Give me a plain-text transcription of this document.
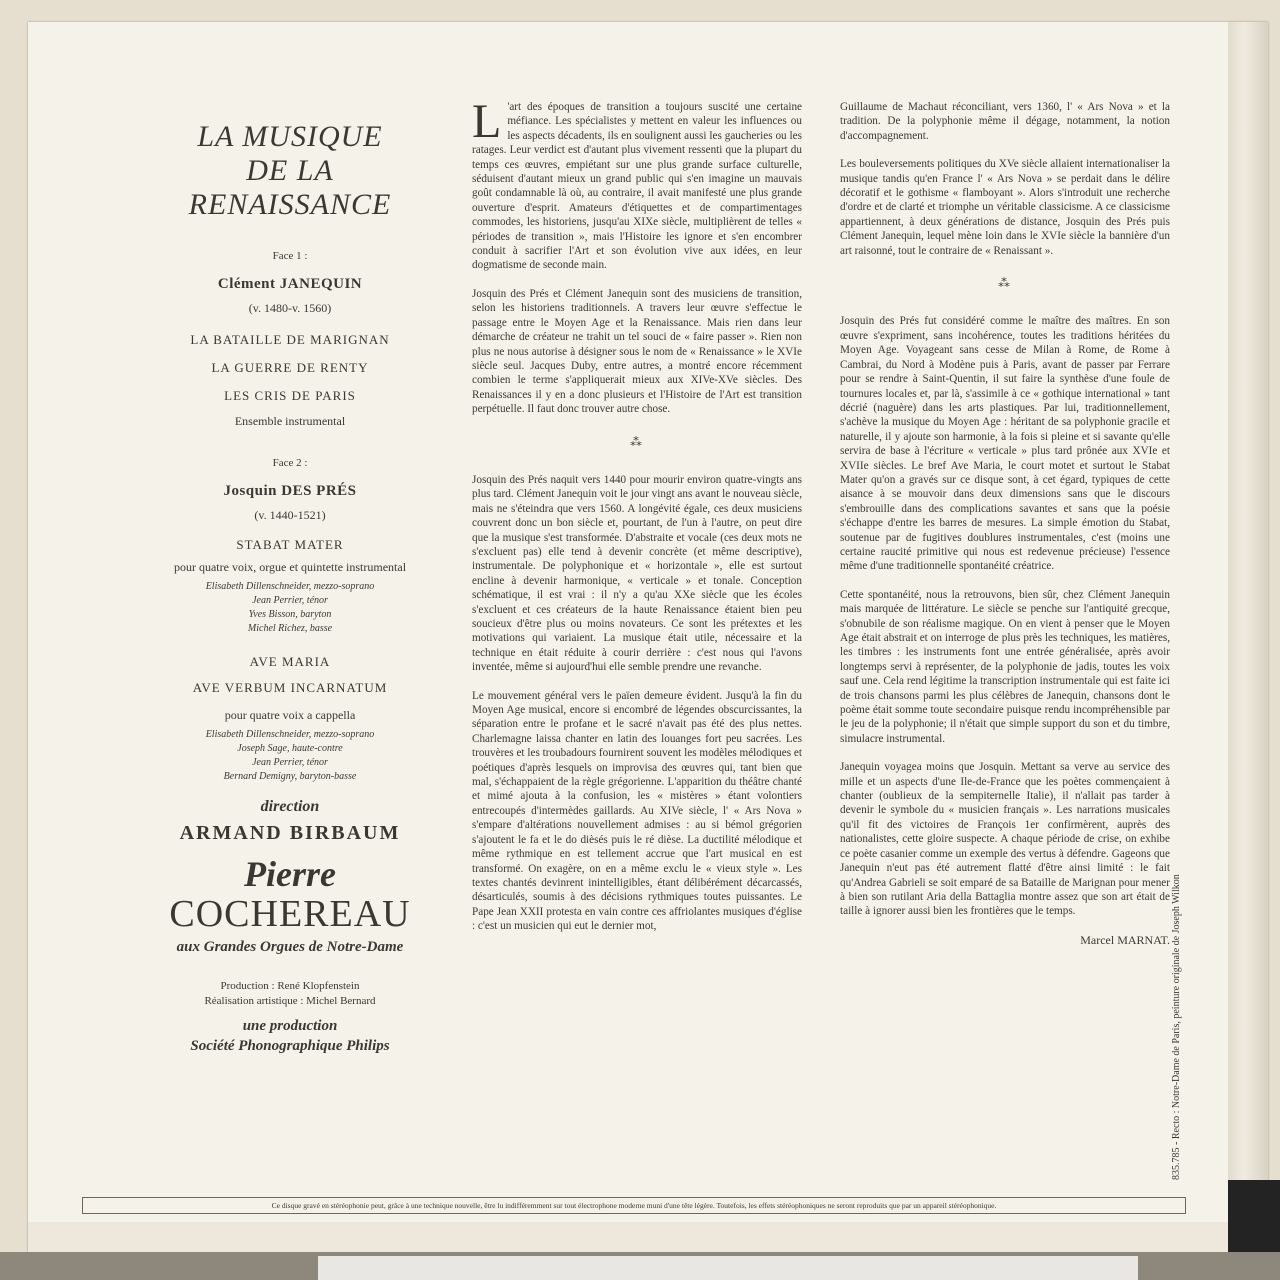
LA MUSIQUE
DE LA
RENAISSANCE

Face 1 :
Clément JANEQUIN
(v. 1480-v. 1560)
LA BATAILLE DE MARIGNAN
LA GUERRE DE RENTY
LES CRIS DE PARIS
Ensemble instrumental
Face 2 :
Josquin DES PRÉS
(v. 1440-1521)
STABAT MATER
pour quatre voix, orgue et quintette instrumental
Elisabeth Dillenschneider, mezzo-soprano
Jean Perrier, ténor
Yves Bisson, baryton
Michel Richez, basse
AVE MARIA
AVE VERBUM INCARNATUM
pour quatre voix a cappella
Elisabeth Dillenschneider, mezzo-soprano
Joseph Sage, haute-contre
Jean Perrier, ténor
Bernard Demigny, baryton-basse
direction
ARMAND BIRBAUM
Pierre
COCHEREAU
aux Grandes Orgues de Notre-Dame
Production : René Klopfenstein
Réalisation artistique : Michel Bernard
une production
Société Phonographique Philips

L 'art des époques de transition a toujours suscité une certaine méfiance. Les spécialistes y mettent en valeur les influences ou les aspects décadents, ils en soulignent aussi les gaucheries ou les ratages. Leur verdict est d'autant plus vivement ressenti que la plupart du temps ces œuvres, empiétant sur une plus grande surface culturelle, séduisent d'autant mieux un grand public qui s'en imagine un mauvais goût condamnable là où, au contraire, il avait manifesté une plus grande ouverture d'esprit. Amateurs d'étiquettes et de compartimentages commodes, les historiens, jusqu'au XIXe siècle, multiplièrent de telles « périodes de transition », mais l'Histoire les ignore et s'en encombrer conduit à sacrifier l'Art et son évolution vive aux idées, en leur dogmatisme de seconde main.

Josquin des Prés et Clément Janequin sont des musiciens de transition, selon les historiens traditionnels. A travers leur œuvre s'effectue le passage entre le Moyen Age et la Renaissance. Mais rien dans leur démarche de créateur ne trahit un tel souci de « faire passer ». Rien non plus ne nous autorise à désigner sous le nom de « Renaissance » le XVIe siècle seul. Jacques Duby, entre autres, a montré encore récemment combien le terme s'appliquerait mieux aux XIVe-XVe siècles. Des Renaissances il y en a donc plusieurs et l'Histoire de l'Art est transition perpétuelle. Il faut donc trouver autre chose.

⁂

Josquin des Prés naquit vers 1440 pour mourir environ quatre-vingts ans plus tard. Clément Janequin voit le jour vingt ans avant le nouveau siècle, mais ne s'éteindra que vers 1560. A longévité égale, ces deux musiciens couvrent donc un bon siècle et, pourtant, de l'un à l'autre, on peut dire que la musique s'est transformée. D'abstraite et vocale (ces deux mots ne s'excluent pas) elle tend à devenir concrète (et même descriptive), instrumentale. De polyphonique et « horizontale », elle est surtout encline à devenir harmonique, « verticale » et tonale. Conception schématique, il est vrai : il n'y a qu'au XXe siècle que les écoles s'excluent et ces créateurs de la haute Renaissance étaient bien peu soucieux d'être plus ou moins novateurs. Ce sont les prétextes et les motivations qui variaient. La musique était utile, nécessaire et la technique en était réduite à courir derrière : c'est nous qui l'avons inventée, même si aujourd'hui elle semble prendre une revanche.

Le mouvement général vers le païen demeure évident. Jusqu'à la fin du Moyen Age musical, encore si encombré de légendes obscurcissantes, la séparation entre le profane et le sacré n'avait pas été des plus nettes. Charlemagne laissa chanter en latin des louanges fort peu sacrées. Les trouvères et les troubadours fournirent souvent les modèles mélodiques et poétiques d'après lesquels on improvisa des œuvres qui, tant bien que mal, s'échappaient de la règle grégorienne. L'apparition du théâtre chanté et mimé ajouta à la confusion, les « mistères » étant volontiers entrecoupés d'intermèdes gaillards. Au XIVe siècle, l' « Ars Nova » s'empare d'altérations nouvellement admises : au si bémol grégorien s'ajoutent le fa et le do dièsés puis le ré dièse. La ductilité mélodique et même rythmique en est tellement accrue que l'art musical en est transformé. On exagère, on en a même exclu le « vieux style ». Les textes chantés devinrent inintelligibles, étant délibérément décarcassés, désarticulés, soumis à des décisions rythmiques toutes puissantes. Le Pape Jean XXII protesta en vain contre ces affriolantes musiques d'église : c'est un musicien qui eut le dernier mot,

Guillaume de Machaut réconciliant, vers 1360, l' « Ars Nova » et la tradition. De la polyphonie même il dégage, notamment, la notion d'accompagnement.

Les bouleversements politiques du XVe siècle allaient internationaliser la musique tandis qu'en France l' « Ars Nova » se perdait dans le délire décoratif et le gothisme « flamboyant ». Alors s'introduit une recherche d'ordre et de clarté et triomphe un véritable classicisme. A ce classicisme appartiennent, à deux générations de distance, Josquin des Prés puis Clément Janequin, lequel mène loin dans le XVIe siècle la bannière d'un art raisonné, tout le contraire de « Renaissant ».

⁂

Josquin des Prés fut considéré comme le maître des maîtres. En son œuvre s'expriment, sans incohérence, toutes les traditions héritées du Moyen Age. Voyageant sans cesse de Milan à Rome, de Rome à Cambrai, du Nord à Modène puis à Paris, avant de passer par Ferrare pour se rendre à Saint-Quentin, il sut faire la synthèse d'une foule de tournures locales et, par là, s'assimile à ce « gothique international » tant décrié (naguère) dans les arts plastiques. Par lui, traditionnellement, s'achève la musique du Moyen Age : héritant de sa polyphonie gracile et naturelle, il y ajoute son harmonie, à la fois si pleine et si savante qu'elle servira de base à l'écriture « verticale » plus tard prônée aux XVIe et XVIIe siècles. Le bref Ave Maria, le court motet et surtout le Stabat Mater qu'on a gravés sur ce disque sont, à cet égard, typiques de cette aisance à se mouvoir dans deux dimensions sans que le discours s'embrouille dans des complications savantes et sans que la poésie s'échappe d'entre les barres de mesures. La simple émotion du Stabat, soutenue par de fugitives doublures instrumentales, c'est (moins une certaine raucité primitive qui nous est redevenue précieuse) l'essence même d'une traditionnelle spontanéité créatrice.

Cette spontanéité, nous la retrouvons, bien sûr, chez Clément Janequin mais marquée de littérature. Le siècle se penche sur l'antiquité grecque, s'obnubile de son réalisme magique. On en vient à penser que le Moyen Age était abstrait et on interroge de plus près les techniques, les matières, les timbres : les instruments font une entrée généralisée, après avoir longtemps servi à représenter, de la polyphonie de jadis, toutes les voix sauf une. Cela rend légitime la transcription instrumentale qui est faite ici de trois chansons parmi les plus célèbres de Janequin, chansons dont le poème était somme toute secondaire puisque rendu incompréhensible par le jeu de la polyphonie; il n'était que simple support du son et du timbre, simulacre instrumental.

Janequin voyagea moins que Josquin. Mettant sa verve au service des mille et un aspects d'une Ile-de-France que les poètes commençaient à chanter (oublieux de la sempiternelle Italie), il n'allait pas tarder à devenir le symbole du « musicien français ». Les narrations musicales qu'il fit des victoires de François 1er confirmèrent, auprès des nationalistes, cette gloire suspecte. A chaque période de crise, on exhibe ce poète casanier comme un exemple des vertus à défendre. Gageons que Janequin n'eut pas été autrement flatté d'être ainsi limité : le fait qu'Andrea Gabrieli se soit emparé de sa Bataille de Marignan pour mener à bien son rutilant Aria della Battaglia montre assez que son art était de taille à ignorer aussi bien les frontières que le temps.

Marcel MARNAT. 835.785 - Recto : Notre-Dame de Paris, peinture originale de Joseph Wilkon
Ce disque gravé en stéréophonie peut, grâce à une technique nouvelle, être lu indifféremment sur tout électrophone moderne muni d'une tête légère. Toutefois, les effets stéréophoniques ne seront reproduits que par un appareil stéréophonique.
